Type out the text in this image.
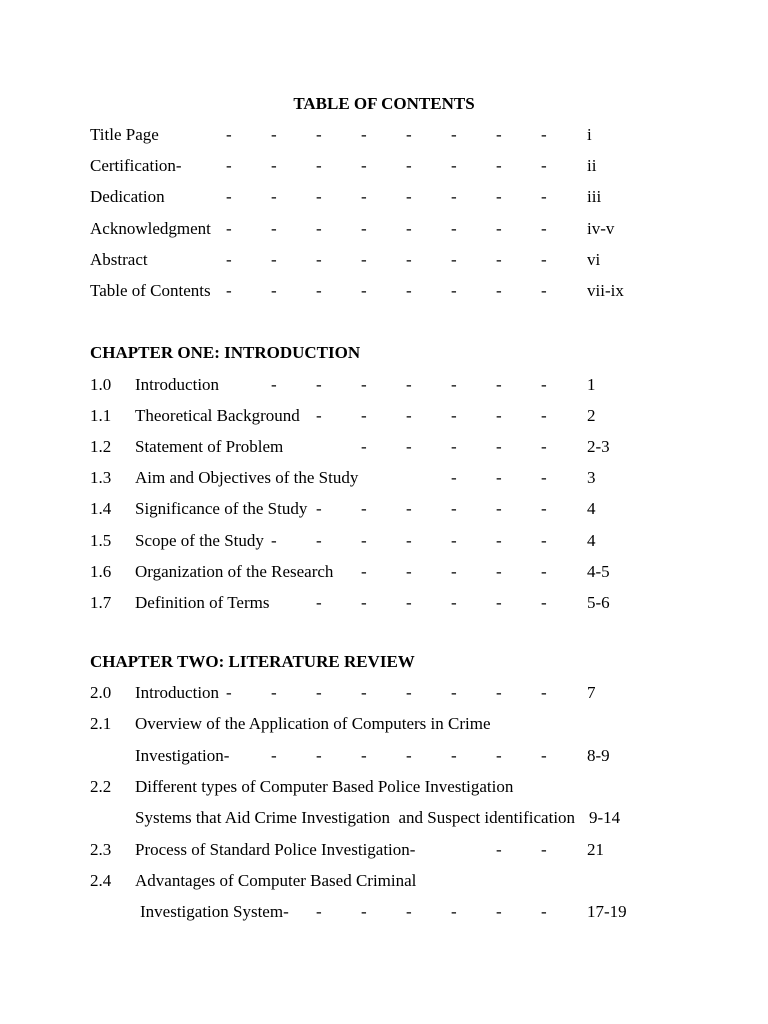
TABLE OF CONTENTS
Title Page	- - - - - - - - i
Certification-	- - - - - - - - ii
Dedication	- - - - - - - - iii
Acknowledgment - - - - - - - - iv-v
Abstract	- - - - - - - - vi
Table of Contents - - - - - - - - vii-ix
CHAPTER ONE: INTRODUCTION
1.0 Introduction	- - - - - - - 1
1.1 Theoretical Background - - - - - - 2
1.2 Statement of Problem	- - - - - 2-3
1.3 Aim and Objectives of the Study	- - - 3
1.4 Significance of the Study - - - - - - 4
1.5 Scope of the Study - - - - - - - 4
1.6 Organization of the Research - - - - - 4-5
1.7 Definition of Terms	- - - - - - 5-6
CHAPTER TWO: LITERATURE REVIEW
2.0 Introduction - - - - - - - - 7
2.1 Overview of the Application of Computers in Crime
Investigation- - - - - - - - 8-9
2.2 Different types of Computer Based Police Investigation
Systems that Aid Crime Investigation  and Suspect identification 9-14
2.3 Process of Standard Police Investigation-	- - 21
2.4 Advantages of Computer Based Criminal
Investigation System- - - - - - - 17-19
